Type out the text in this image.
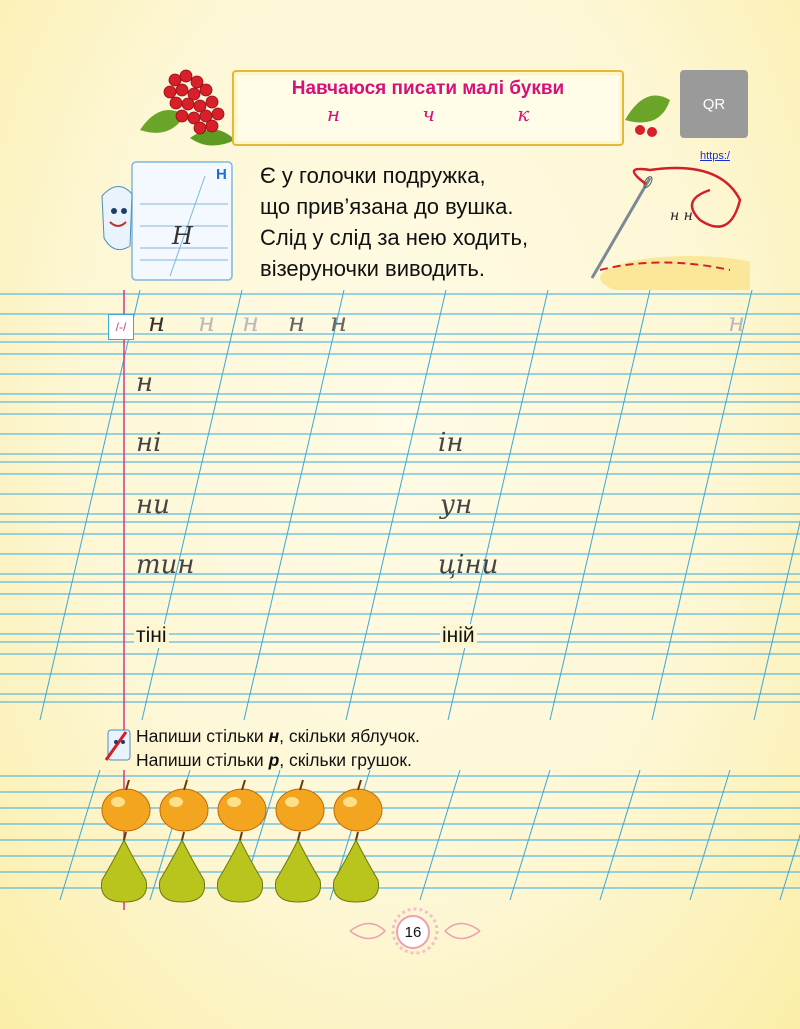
Навчаюся писати малі букви
н ч к	QR
https:/
Н
Н
Є у голочки подружка,
що прив’язана до вушка.
Слід у слід за нею ходить,
візеруночки виводить.
н н
/-/ н н н н н	н
н
ні	ін
ни	ун
тин	ціни
тіні	іній
Напиши стільки н, скільки яблучок.
Напиши стільки р, скільки грушок.
16
